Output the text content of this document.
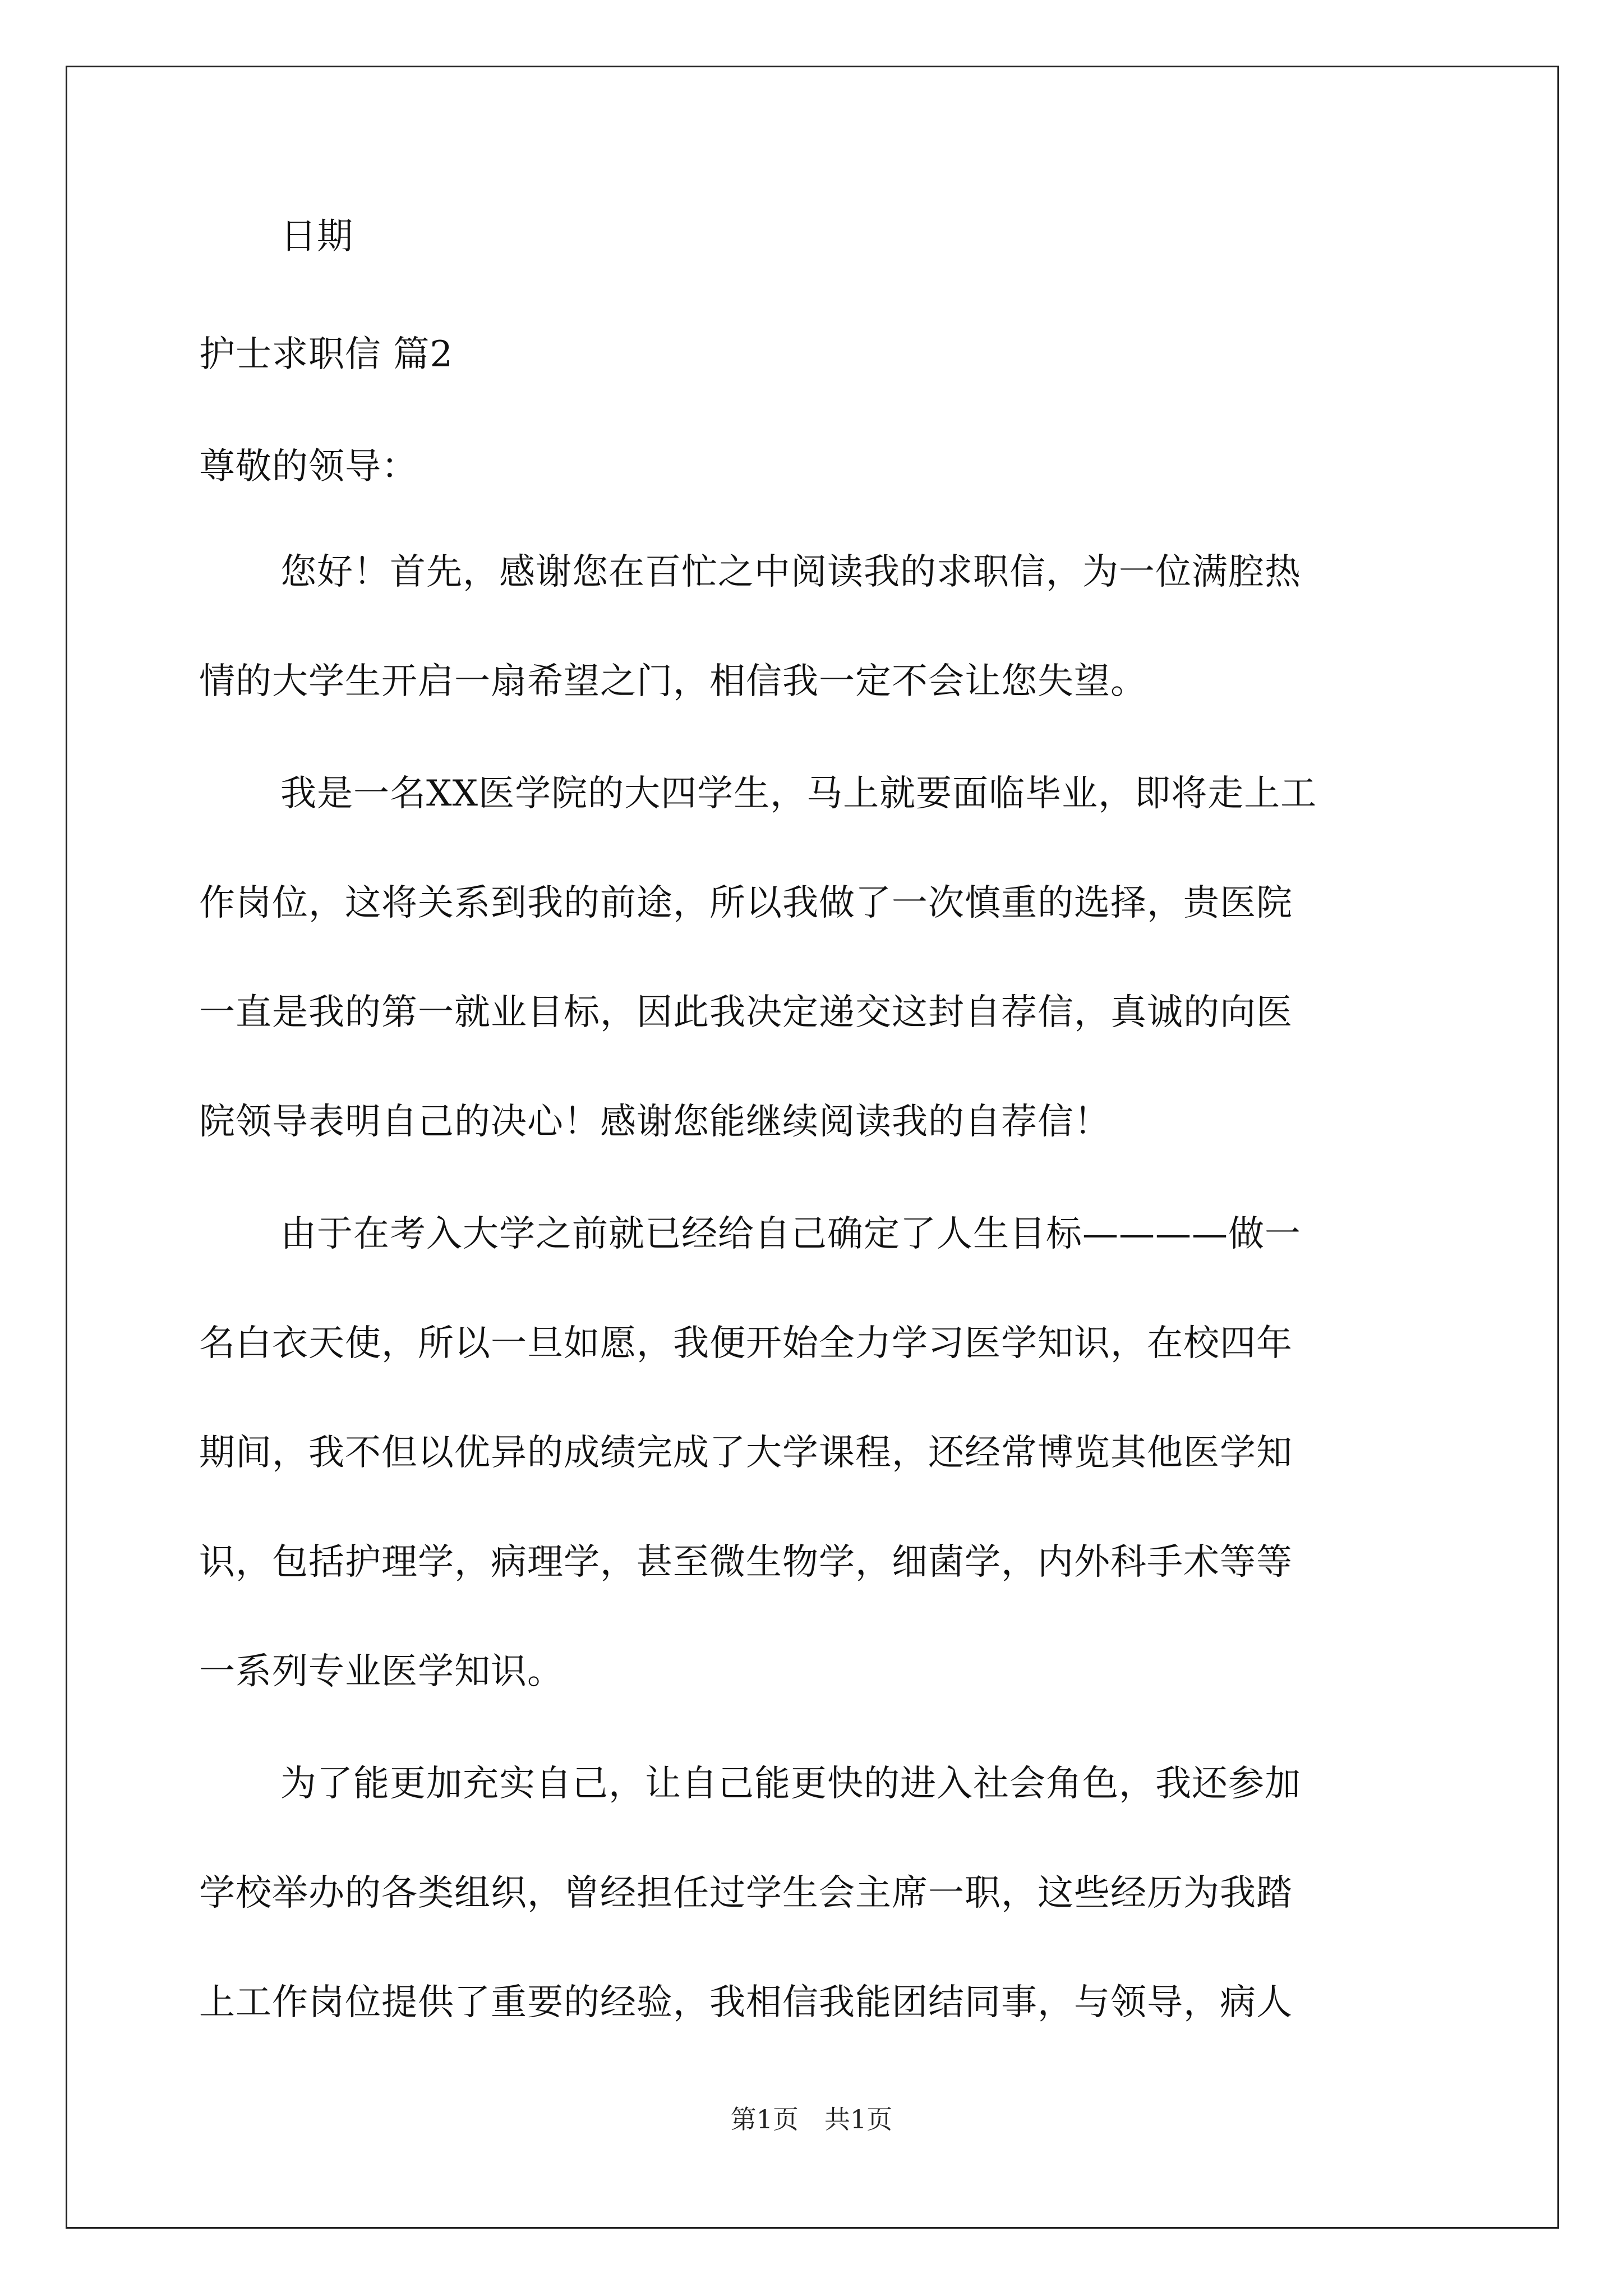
日期
护士求职信 篇2
尊敬的领导：
您好！首先，感谢您在百忙之中阅读我的求职信，为一位满腔热
情的大学生开启一扇希望之门，相信我一定不会让您失望。
我是一名XX医学院的大四学生，马上就要面临毕业，即将走上工
作岗位，这将关系到我的前途，所以我做了一次慎重的选择，贵医院
一直是我的第一就业目标，因此我决定递交这封自荐信，真诚的向医
院领导表明自己的决心！感谢您能继续阅读我的自荐信！
由于在考入大学之前就已经给自己确定了人生目标————做一
名白衣天使，所以一旦如愿，我便开始全力学习医学知识，在校四年
期间，我不但以优异的成绩完成了大学课程，还经常博览其他医学知
识，包括护理学，病理学，甚至微生物学，细菌学，内外科手术等等
一系列专业医学知识。
为了能更加充实自己，让自己能更快的进入社会角色，我还参加
学校举办的各类组织，曾经担任过学生会主席一职，这些经历为我踏
上工作岗位提供了重要的经验，我相信我能团结同事，与领导，病人
第1页　共1页
